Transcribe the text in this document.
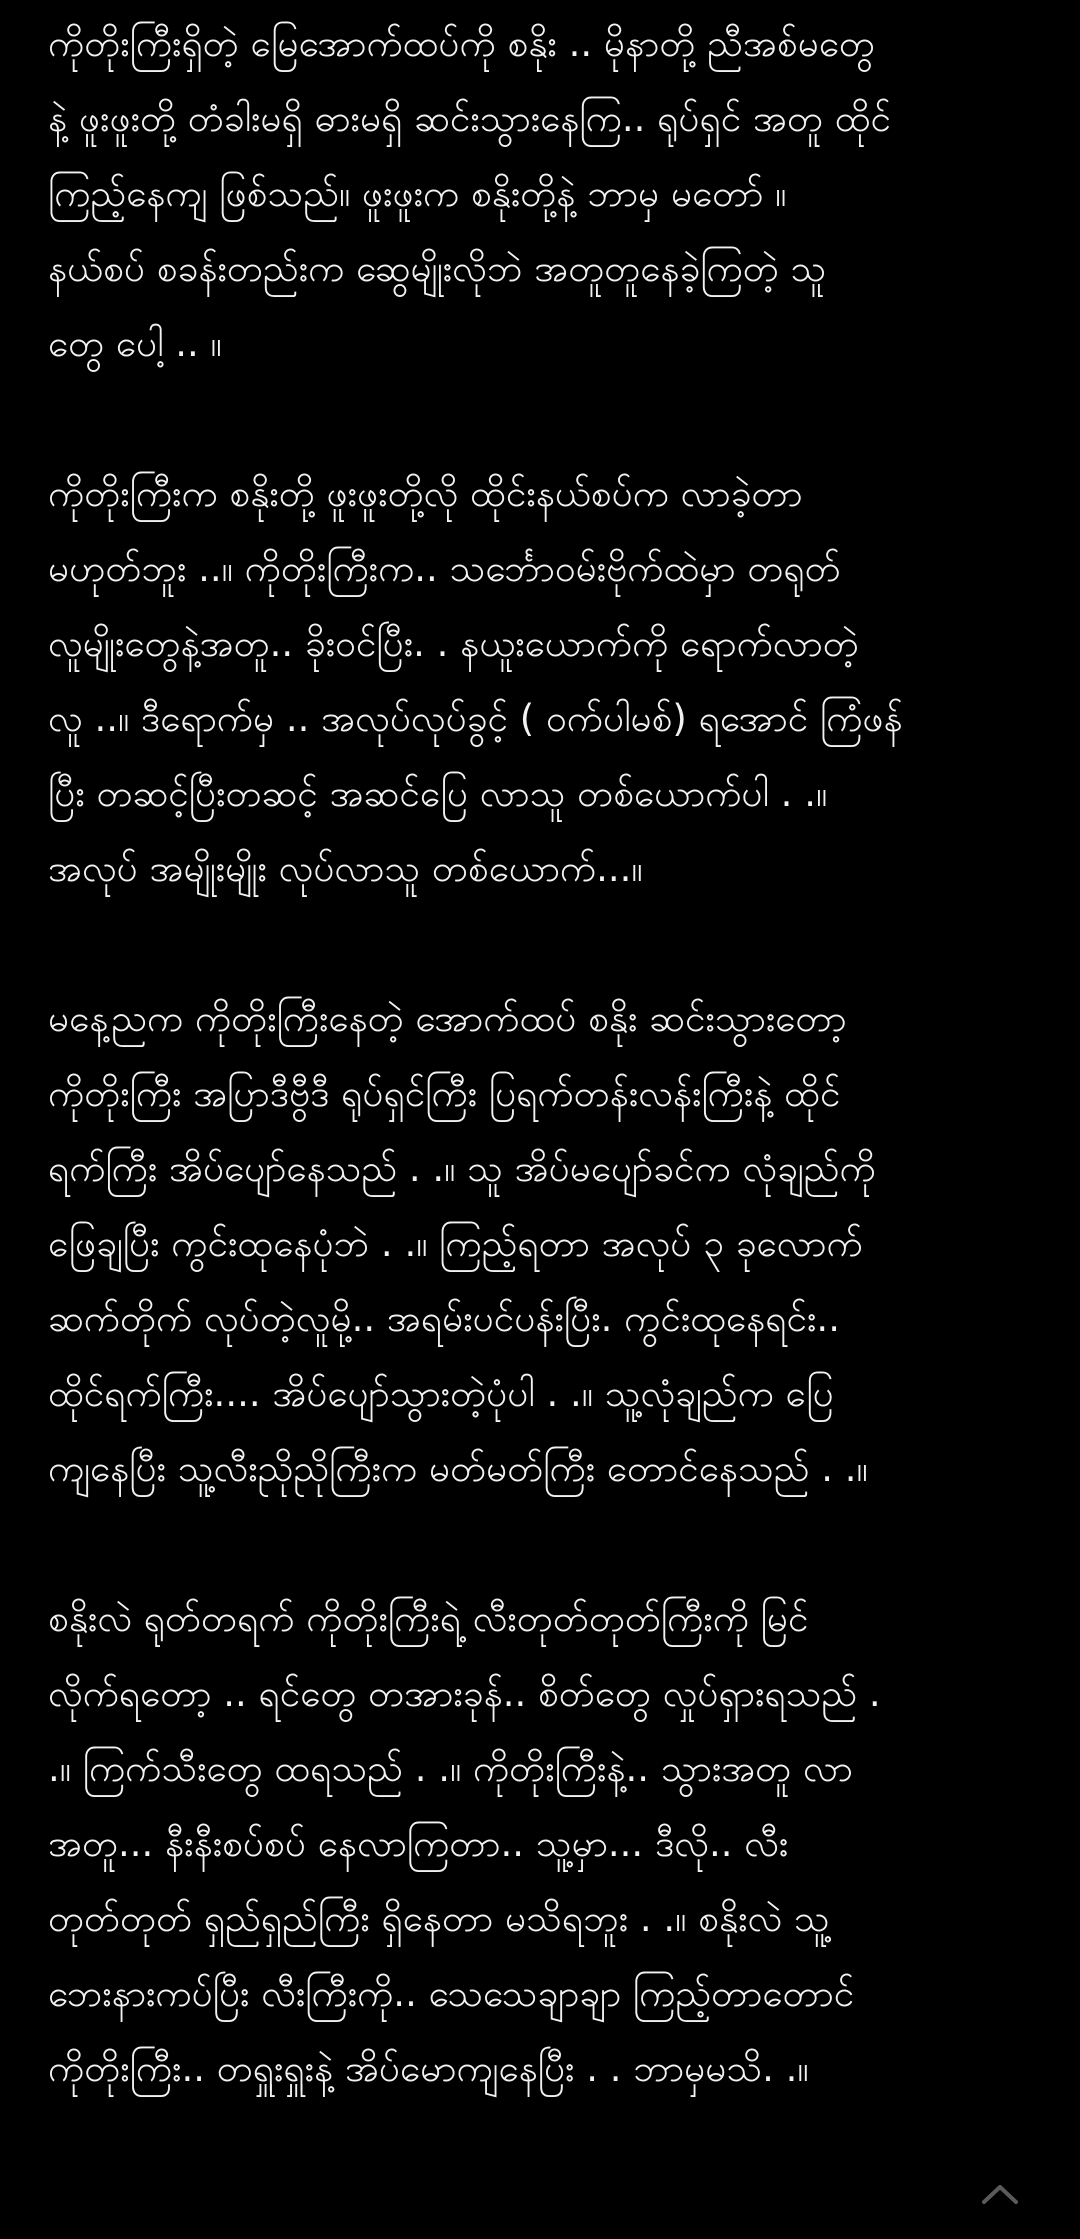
ကိုတိုးကြီးရှိတဲ့ မြေအောက်ထပ်ကို စနိုး .. မိုနာတို့ ညီအစ်မတွေ
နဲ့ ဖူးဖူးတို့ တံခါးမရှိ ဓားမရှိ ဆင်းသွားနေကြ.. ရုပ်ရှင် အတူ ထိုင်
ကြည့်နေကျ ဖြစ်သည်။ ဖူးဖူးက စနိုးတို့နဲ့ ဘာမှ မတော် ။
နယ်စပ် စခန်းတည်းက ဆွေမျိုးလိုဘဲ အတူတူနေခဲ့ကြတဲ့ သူ
တွေ ပေါ့ .. ။

ကိုတိုးကြီးက စနိုးတို့ ဖူးဖူးတို့လို ထိုင်းနယ်စပ်က လာခဲ့တာ
မဟုတ်ဘူး ..။ ကိုတိုးကြီးက.. သင်္ဘောဝမ်းဗိုက်ထဲမှာ တရုတ်
လူမျိုးတွေနဲ့အတူ.. ခိုးဝင်ပြီး. . နယူးယောက်ကို ရောက်လာတဲ့
လူ ..။ ဒီရောက်မှ .. အလုပ်လုပ်ခွင့် ( ဝက်ပါမစ်) ရအောင် ကြံဖန်
ပြီး တဆင့်ပြီးတဆင့် အဆင်ပြေ လာသူ တစ်ယောက်ပါ . .။
အလုပ် အမျိုးမျိုး လုပ်လာသူ တစ်ယောက်...။

မနေ့ညက ကိုတိုးကြီးနေတဲ့ အောက်ထပ် စနိုး ဆင်းသွားတော့
ကိုတိုးကြီး အပြာဒီဗွီဒီ ရုပ်ရှင်ကြီး ပြရက်တန်းလန်းကြီးနဲ့ ထိုင်
ရက်ကြီး အိပ်ပျော်နေသည် . .။ သူ အိပ်မပျော်ခင်က လုံချည်ကို
ဖြေချပြီး ကွင်းထုနေပုံဘဲ . .။ ကြည့်ရတာ အလုပ် ၃ ခုလောက်
ဆက်တိုက် လုပ်တဲ့လူမို့.. အရမ်းပင်ပန်းပြီး. ကွင်းထုနေရင်း..
ထိုင်ရက်ကြီး.... အိပ်ပျော်သွားတဲ့ပုံပါ . .။ သူ့လုံချည်က ပြေ
ကျနေပြီး သူ့လီးညိုညိုကြီးက မတ်မတ်ကြီး တောင်နေသည် . .။

စနိုးလဲ ရုတ်တရက် ကိုတိုးကြီးရဲ့ လီးတုတ်တုတ်ကြီးကို မြင်
လိုက်ရတော့ .. ရင်တွေ တအားခုန်.. စိတ်တွေ လှုပ်ရှားရသည် .
.။ ကြက်သီးတွေ ထရသည် . .။ ကိုတိုးကြီးနဲ့.. သွားအတူ လာ
အတူ... နီးနီးစပ်စပ် နေလာကြတာ.. သူ့မှာ... ဒီလို.. လီး
တုတ်တုတ် ရှည်ရှည်ကြီး ရှိနေတာ မသိရဘူး . .။ စနိုးလဲ သူ့
ဘေးနားကပ်ပြီး လီးကြီးကို.. သေသေချာချာ ကြည့်တာတောင်
ကိုတိုးကြီး.. တရှူးရှူးနဲ့ အိပ်မောကျနေပြီး . . ဘာမှမသိ. .။
